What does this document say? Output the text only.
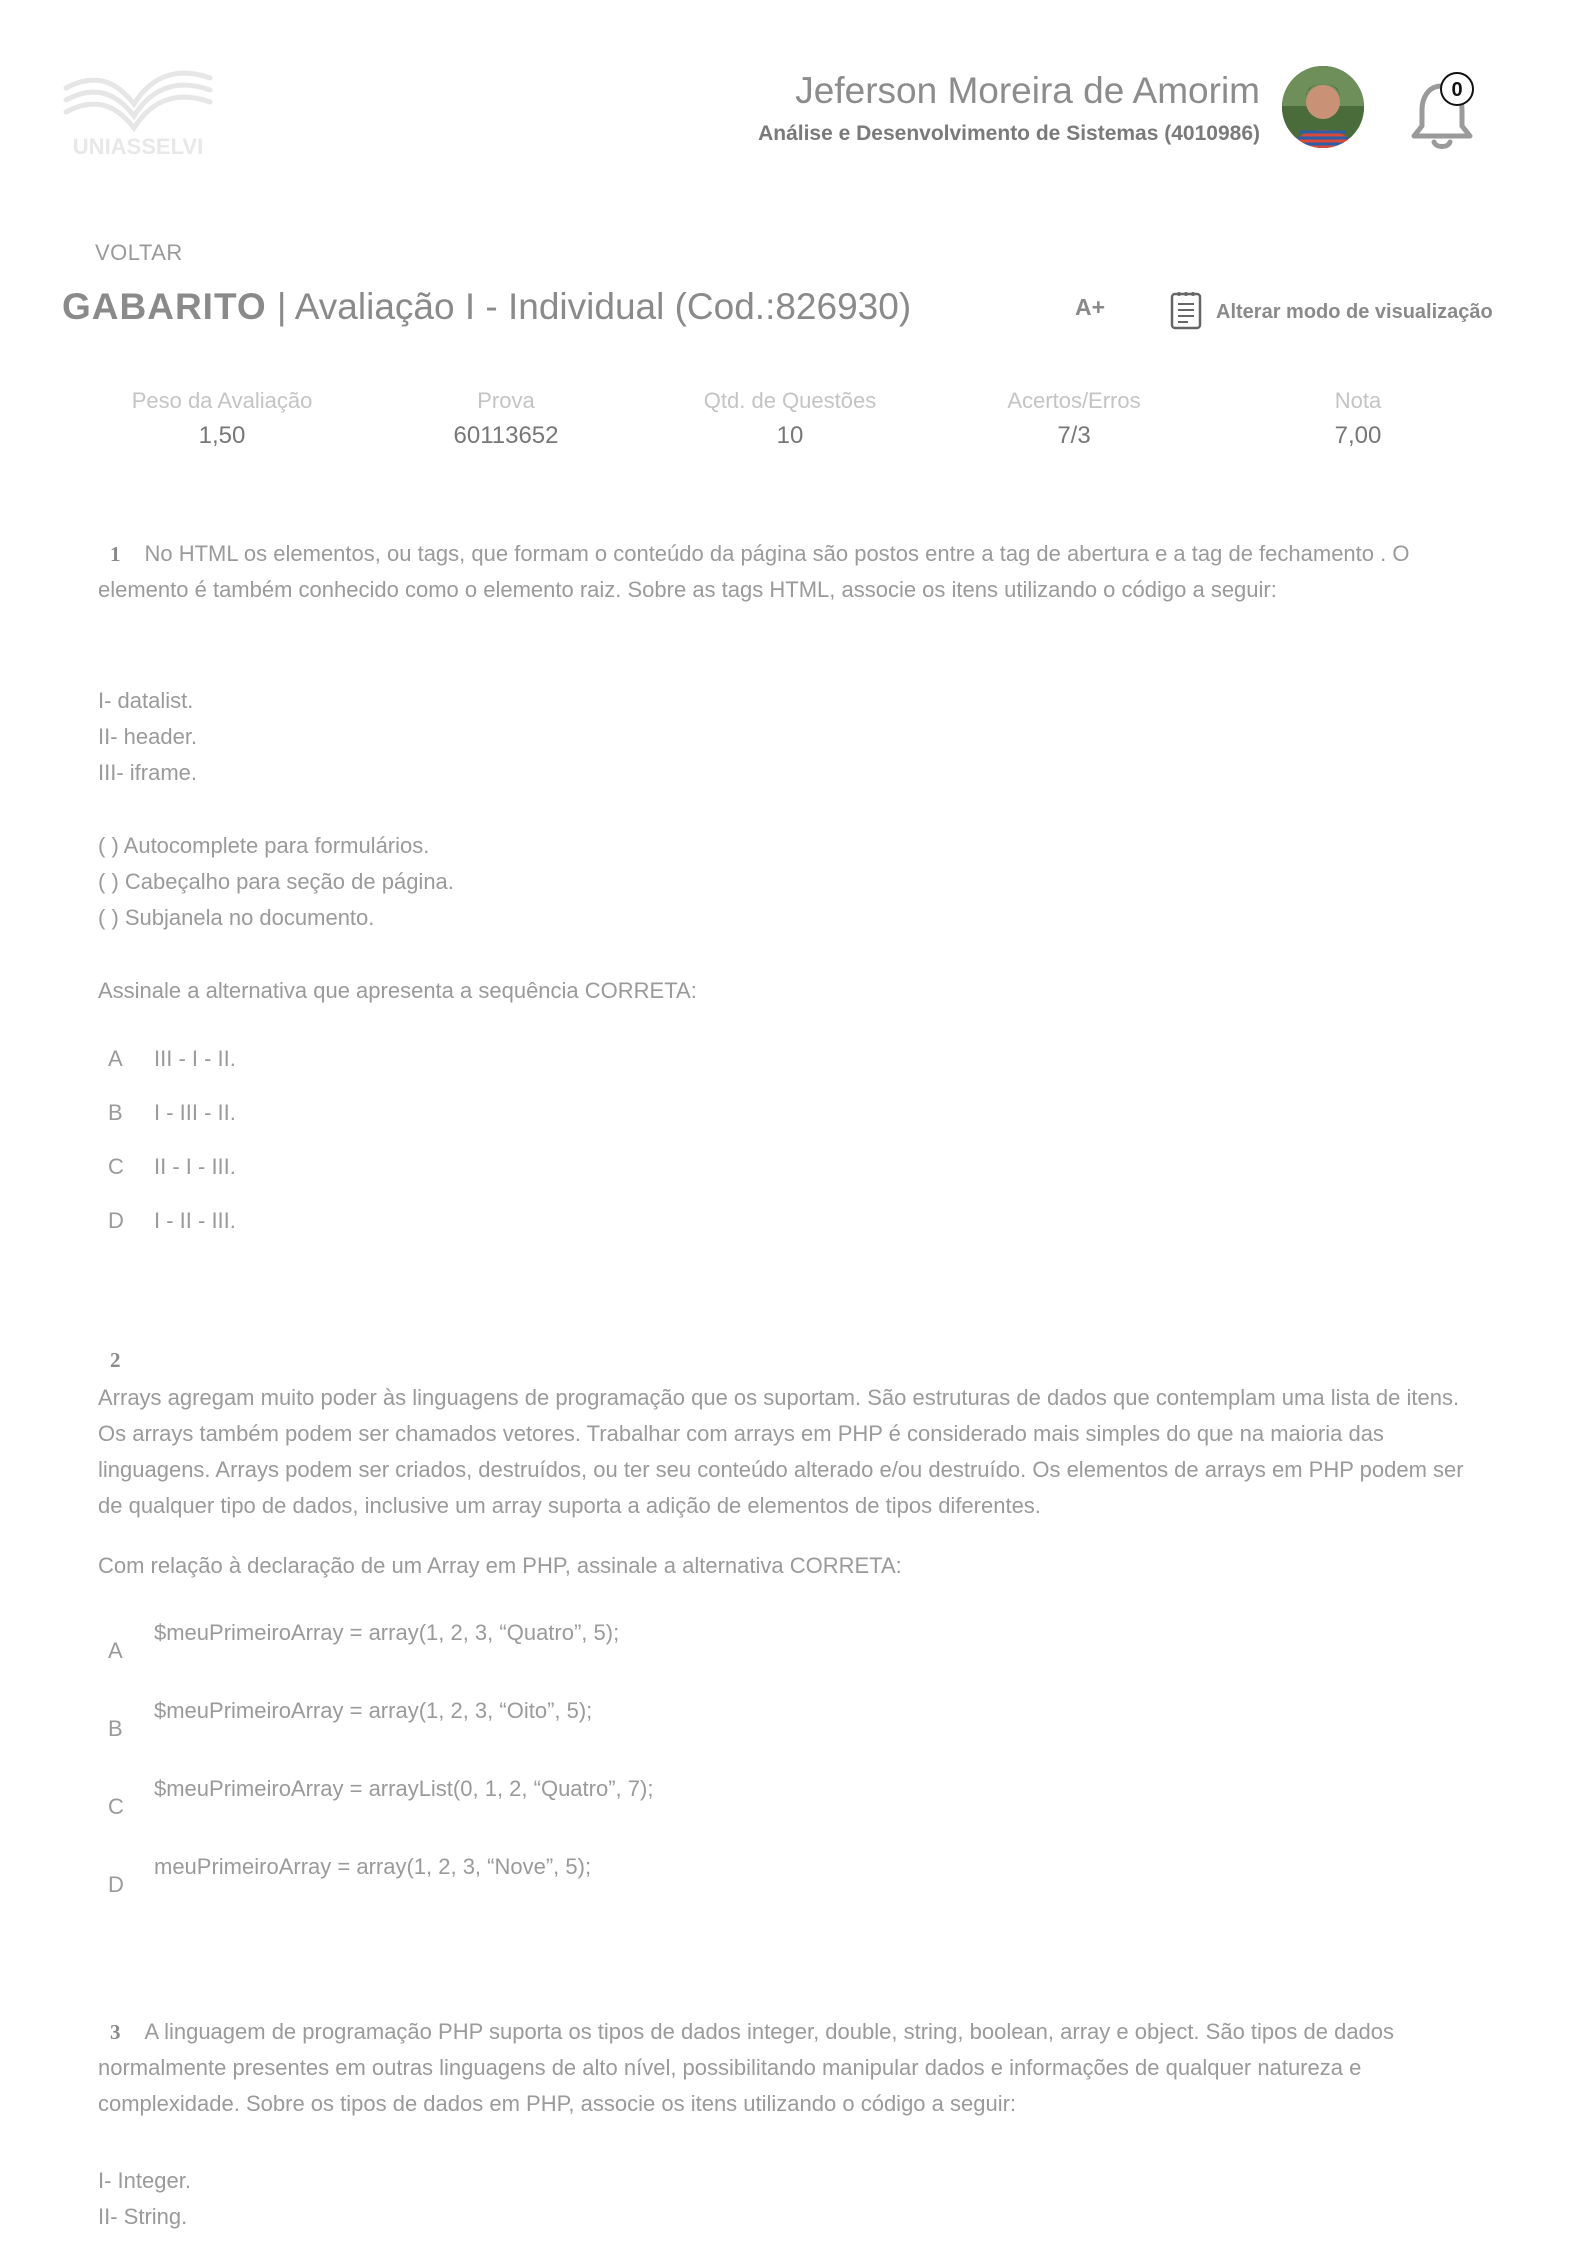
UNIASSELVI
Jeferson Moreira de Amorim
Análise e Desenvolvimento de Sistemas (4010986)
0
VOLTAR
GABARITO | Avaliação I - Individual (Cod.:826930)	A+	Alterar modo de visualização
Peso da Avaliação
1,50
Prova
60113652
Qtd. de Questões
10
Acertos/Erros
7/3
Nota
7,00
1 No HTML os elementos, ou tags, que formam o conteúdo da página são postos entre a tag de abertura e a tag de fechamento . O elemento é também conhecido como o elemento raiz. Sobre as tags HTML, associe os itens utilizando o código a seguir:
I- datalist.
II- header.
III- iframe.
( ) Autocomplete para formulários.
( ) Cabeçalho para seção de página.
( ) Subjanela no documento.
Assinale a alternativa que apresenta a sequência CORRETA:
A III - I - II.
B I - III - II.
C II - I - III.
D I - II - III.
2
Arrays agregam muito poder às linguagens de programação que os suportam. São estruturas de dados que contemplam uma lista de itens. Os arrays também podem ser chamados vetores. Trabalhar com arrays em PHP é considerado mais simples do que na maioria das linguagens. Arrays podem ser criados, destruídos, ou ter seu conteúdo alterado e/ou destruído. Os elementos de arrays em PHP podem ser de qualquer tipo de dados, inclusive um array suporta a adição de elementos de tipos diferentes.
Com relação à declaração de um Array em PHP, assinale a alternativa CORRETA:
A
$meuPrimeiroArray = array(1, 2, 3, “Quatro”, 5);
B
$meuPrimeiroArray = array(1, 2, 3, “Oito”, 5);
C
$meuPrimeiroArray = arrayList(0, 1, 2, “Quatro”, 7);
D
meuPrimeiroArray = array(1, 2, 3, “Nove”, 5);
3 A linguagem de programação PHP suporta os tipos de dados integer, double, string, boolean, array e object. São tipos de dados normalmente presentes em outras linguagens de alto nível, possibilitando manipular dados e informações de qualquer natureza e complexidade. Sobre os tipos de dados em PHP, associe os itens utilizando o código a seguir:
I- Integer.
II- String.
